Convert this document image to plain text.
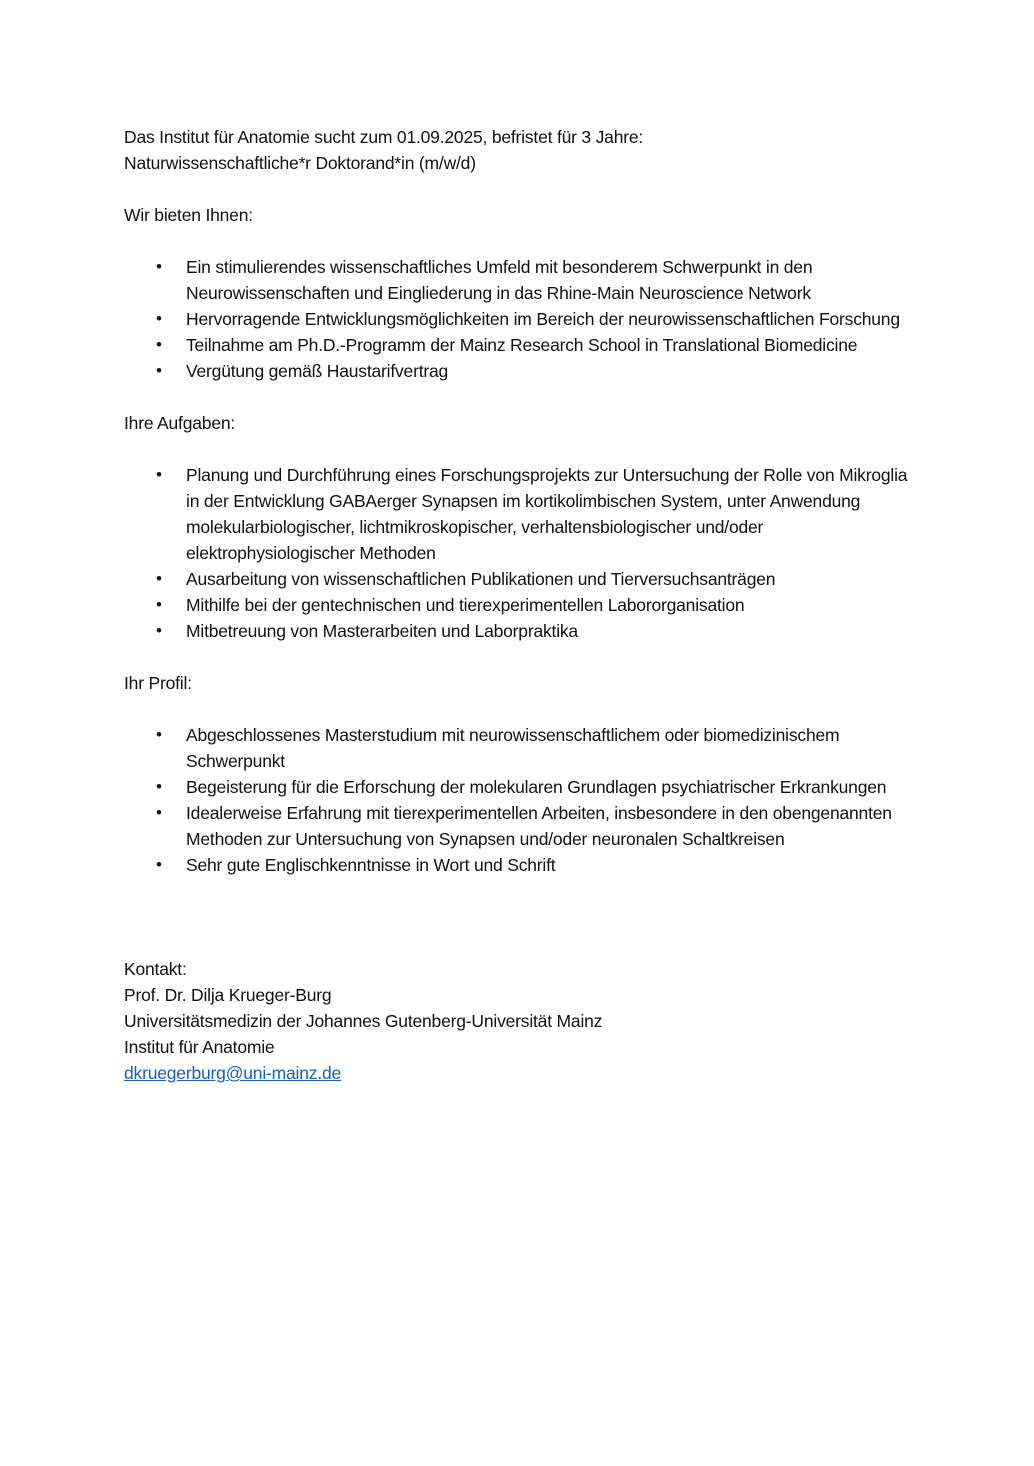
Das Institut für Anatomie sucht zum 01.09.2025, befristet für 3 Jahre:

Naturwissenschaftliche*r Doktorand*in (m/w/d)

Wir bieten Ihnen:

• Ein stimulierendes wissenschaftliches Umfeld mit besonderem Schwerpunkt in den Neurowissenschaften und Eingliederung in das Rhine-Main Neuroscience Network
• Hervorragende Entwicklungsmöglichkeiten im Bereich der neurowissenschaftlichen Forschung
• Teilnahme am Ph.D.-Programm der Mainz Research School in Translational Biomedicine
• Vergütung gemäß Haustarifvertrag

Ihre Aufgaben:

• Planung und Durchführung eines Forschungsprojekts zur Untersuchung der Rolle von Mikroglia in der Entwicklung GABAerger Synapsen im kortikolimbischen System, unter Anwendung molekularbiologischer, lichtmikroskopischer, verhaltensbiologischer und/oder elektrophysiologischer Methoden
• Ausarbeitung von wissenschaftlichen Publikationen und Tierversuchsanträgen
• Mithilfe bei der gentechnischen und tierexperimentellen Labororganisation
• Mitbetreuung von Masterarbeiten und Laborpraktika

Ihr Profil:

• Abgeschlossenes Masterstudium mit neurowissenschaftlichem oder biomedizinischem Schwerpunkt
• Begeisterung für die Erforschung der molekularen Grundlagen psychiatrischer Erkrankungen
• Idealerweise Erfahrung mit tierexperimentellen Arbeiten, insbesondere in den obengenannten Methoden zur Untersuchung von Synapsen und/oder neuronalen Schaltkreisen
• Sehr gute Englischkenntnisse in Wort und Schrift

Kontakt:

Prof. Dr. Dilja Krueger-Burg

Universitätsmedizin der Johannes Gutenberg-Universität Mainz

Institut für Anatomie

dkruegerburg@uni-mainz.de
